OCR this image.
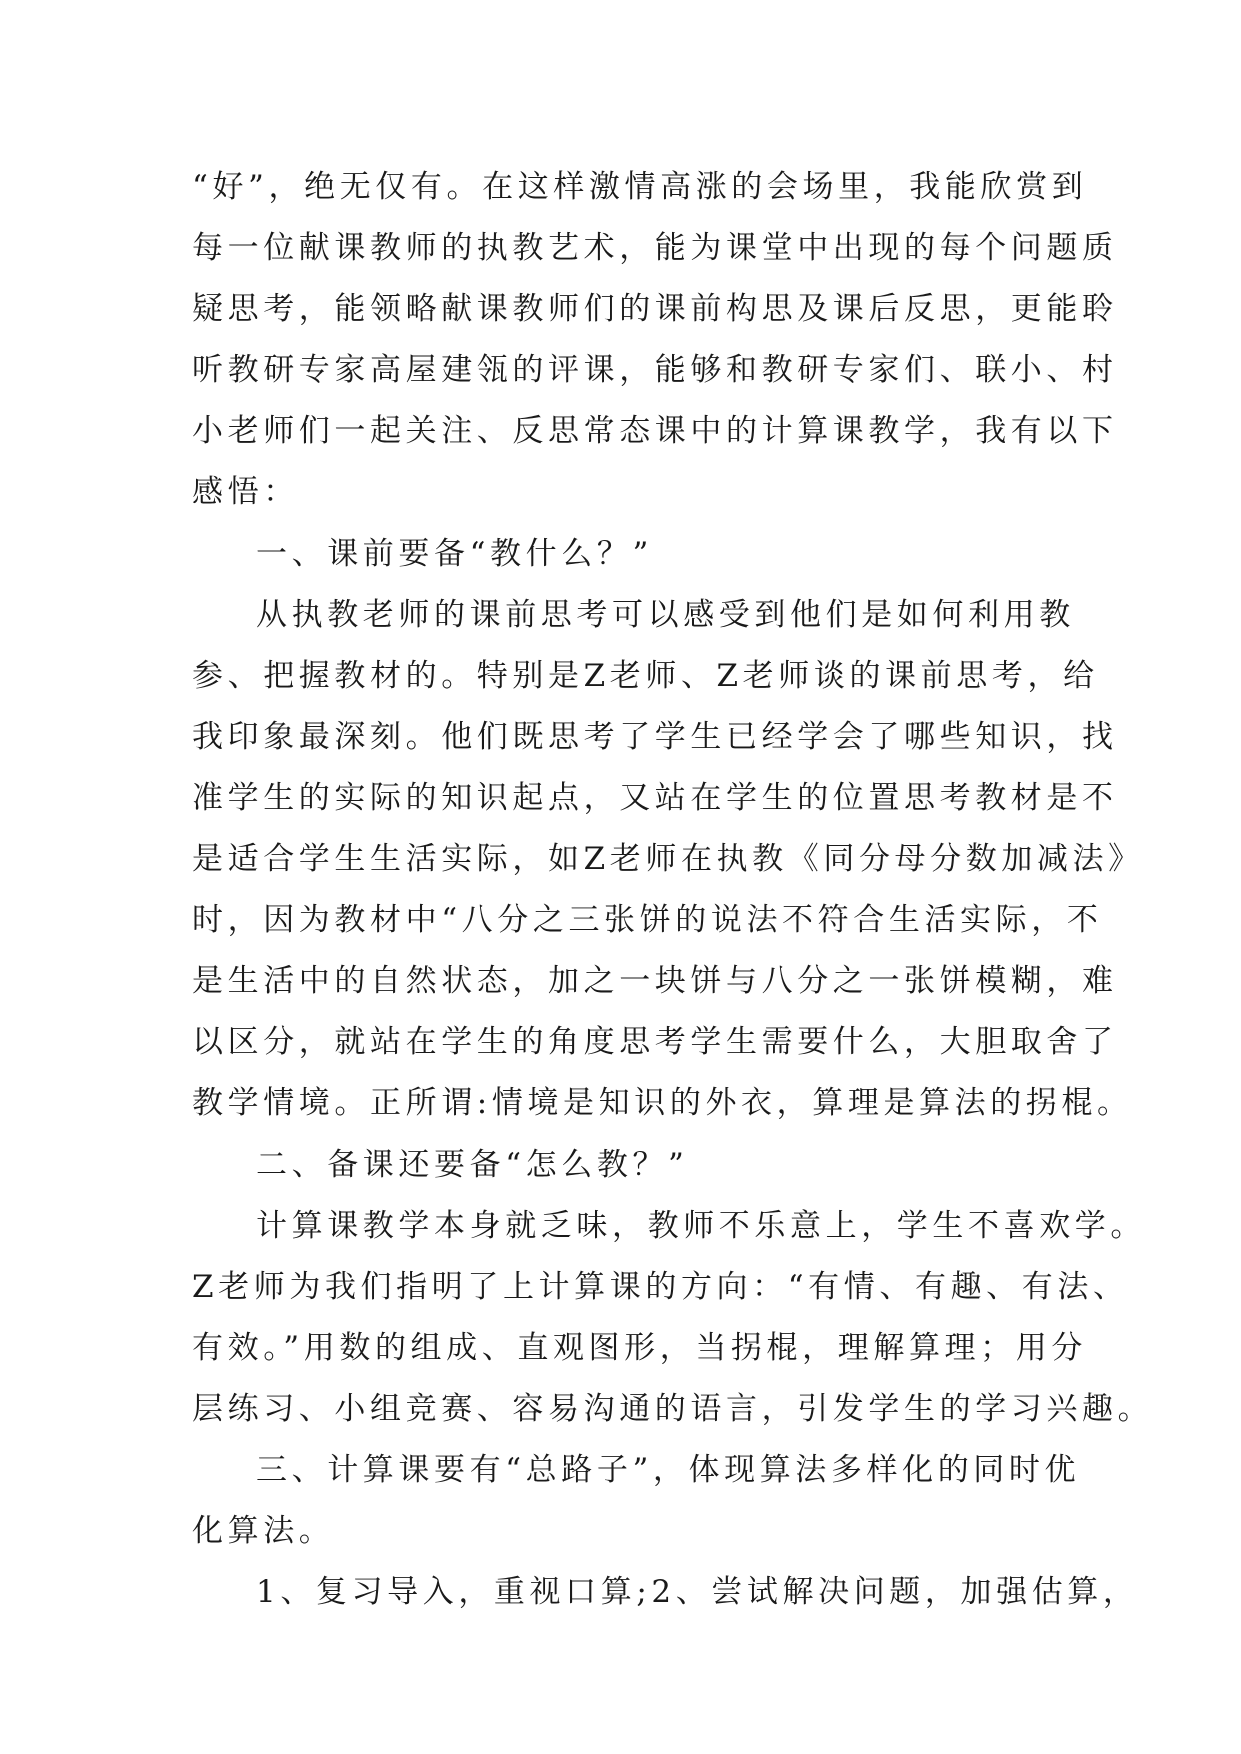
“好”，绝无仅有。在这样激情高涨的会场里，我能欣赏到
每一位献课教师的执教艺术，能为课堂中出现的每个问题质
疑思考，能领略献课教师们的课前构思及课后反思，更能聆
听教研专家高屋建瓴的评课，能够和教研专家们、联小、村
小老师们一起关注、反思常态课中的计算课教学，我有以下
感悟：
一、课前要备“教什么？”
从执教老师的课前思考可以感受到他们是如何利用教
参、把握教材的。特别是Z老师、Z老师谈的课前思考，给
我印象最深刻。他们既思考了学生已经学会了哪些知识，找
准学生的实际的知识起点，又站在学生的位置思考教材是不
是适合学生生活实际，如Z老师在执教《同分母分数加减法》
时，因为教材中“八分之三张饼的说法不符合生活实际，不
是生活中的自然状态，加之一块饼与八分之一张饼模糊，难
以区分，就站在学生的角度思考学生需要什么，大胆取舍了
教学情境。正所谓:情境是知识的外衣，算理是算法的拐棍。
二、备课还要备“怎么教？”
计算课教学本身就乏味，教师不乐意上，学生不喜欢学。
Z老师为我们指明了上计算课的方向：“有情、有趣、有法、
有效。”用数的组成、直观图形，当拐棍，理解算理；用分
层练习、小组竞赛、容易沟通的语言，引发学生的学习兴趣。
三、计算课要有“总路子”，体现算法多样化的同时优
化算法。
1、复习导入，重视口算;2、尝试解决问题，加强估算，
